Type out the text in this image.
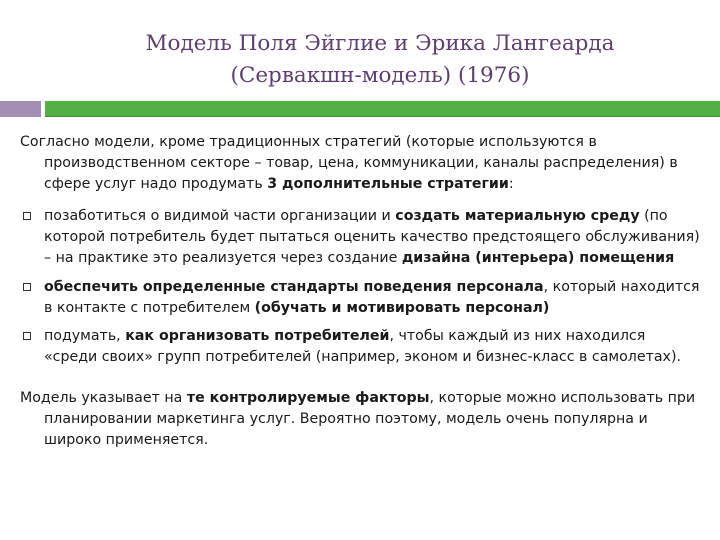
Модель Поля Эйглие и Эрика Лангеарда
(Сервакшн-модель) (1976)

Согласно модели, кроме традиционных стратегий (которые используются в производственном секторе – товар, цена, коммуникации, каналы распределения) в сфере услуг надо продумать 3 дополнительные стратегии:

позаботиться о видимой части организации и создать материальную среду (по которой потребитель будет пытаться оценить качество предстоящего обслуживания) – на практике это реализуется через создание дизайна (интерьера) помещения
обеспечить определенные стандарты поведения персонала, который находится в контакте с потребителем (обучать и мотивировать персонал)
подумать, как организовать потребителей, чтобы каждый из них находился «среди своих» групп потребителей (например, эконом и бизнес-класс в самолетах).

Модель указывает на те контролируемые факторы, которые можно использовать при планировании маркетинга услуг. Вероятно поэтому, модель очень популярна и широко применяется.
